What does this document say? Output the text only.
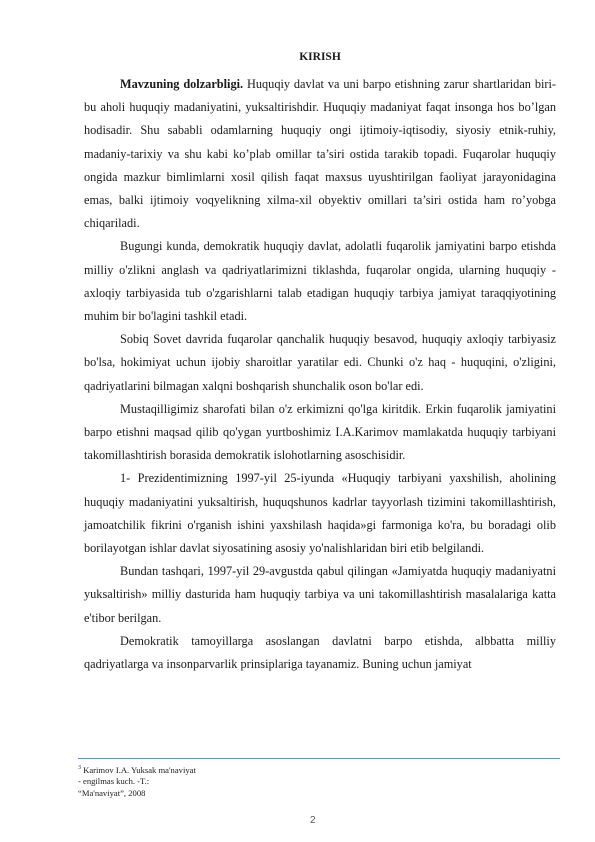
KIRISH

Mavzuning dolzarbligi. Huquqiy davlat va uni barpo etishning zarur shartlaridan biri-bu aholi huquqiy madaniyatini, yuksaltirishdir. Huquqiy madaniyat faqat insonga hos bo’lgan hodisadir. Shu sababli odamlarning huquqiy ongi ijtimoiy-iqtisodiy, siyosiy etnik-ruhiy, madaniy-tarixiy va shu kabi ko’plab omillar ta’siri ostida tarakib topadi. Fuqarolar huquqiy ongida mazkur bimlimlarni xosil qilish faqat maxsus uyushtirilgan faoliyat jarayonidagina emas, balki ijtimoiy voqyelikning xilma-xil obyektiv omillari ta’siri ostida ham ro’yobga chiqariladi.

Bugungi kunda, demokratik huquqiy davlat, adolatli fuqarolik jamiyatini barpo etishda milliy o'zlikni anglash va qadriyatlarimizni tiklashda, fuqarolar ongida, ularning huquqiy - axloqiy tarbiyasida tub o'zgarishlarni talab etadigan huquqiy tarbiya jamiyat taraqqiyotining muhim bir bo'lagini tashkil etadi.

Sobiq Sovet davrida fuqarolar qanchalik huquqiy besavod, huquqiy axloqiy tarbiyasiz bo'lsa, hokimiyat uchun ijobiy sharoitlar yaratilar edi. Chunki o'z haq - huquqini, o'zligini, qadriyatlarini bilmagan xalqni boshqarish shunchalik oson bo'lar edi.

Mustaqilligimiz sharofati bilan o'z erkimizni qo'lga kiritdik. Erkin fuqarolik jamiyatini barpo etishni maqsad qilib qo'ygan yurtboshimiz I.A.Karimov mamlakatda huquqiy tarbiyani takomillashtirish borasida demokratik islohotlarning asoschisidir.

1- Prezidentimizning 1997-yil 25-iyunda «Huquqiy tarbiyani yaxshilish, aholining huquqiy madaniyatini yuksaltirish, huquqshunos kadrlar tayyorlash tizimini takomillashtirish, jamoatchilik fikrini o'rganish ishini yaxshilash haqida»gi farmoniga ko'ra, bu boradagi olib borilayotgan ishlar davlat siyosatining asosiy yo'nalishlaridan biri etib belgilandi.

Bundan tashqari, 1997-yil 29-avgustda qabul qilingan «Jamiyatda huquqiy madaniyatni yuksaltirish» milliy dasturida ham huquqiy tarbiya va uni takomillashtirish masalalariga katta e'tibor berilgan.

Demokratik tamoyillarga asoslangan davlatni barpo etishda, albbatta milliy qadriyatlarga va insonparvarlik prinsiplariga tayanamiz. Buning uchun jamiyat

$^3$ Karimov I.A. Yuksak ma'naviyat - engilmas kuch. -T.: “Ma'naviyat”, 2008
2
